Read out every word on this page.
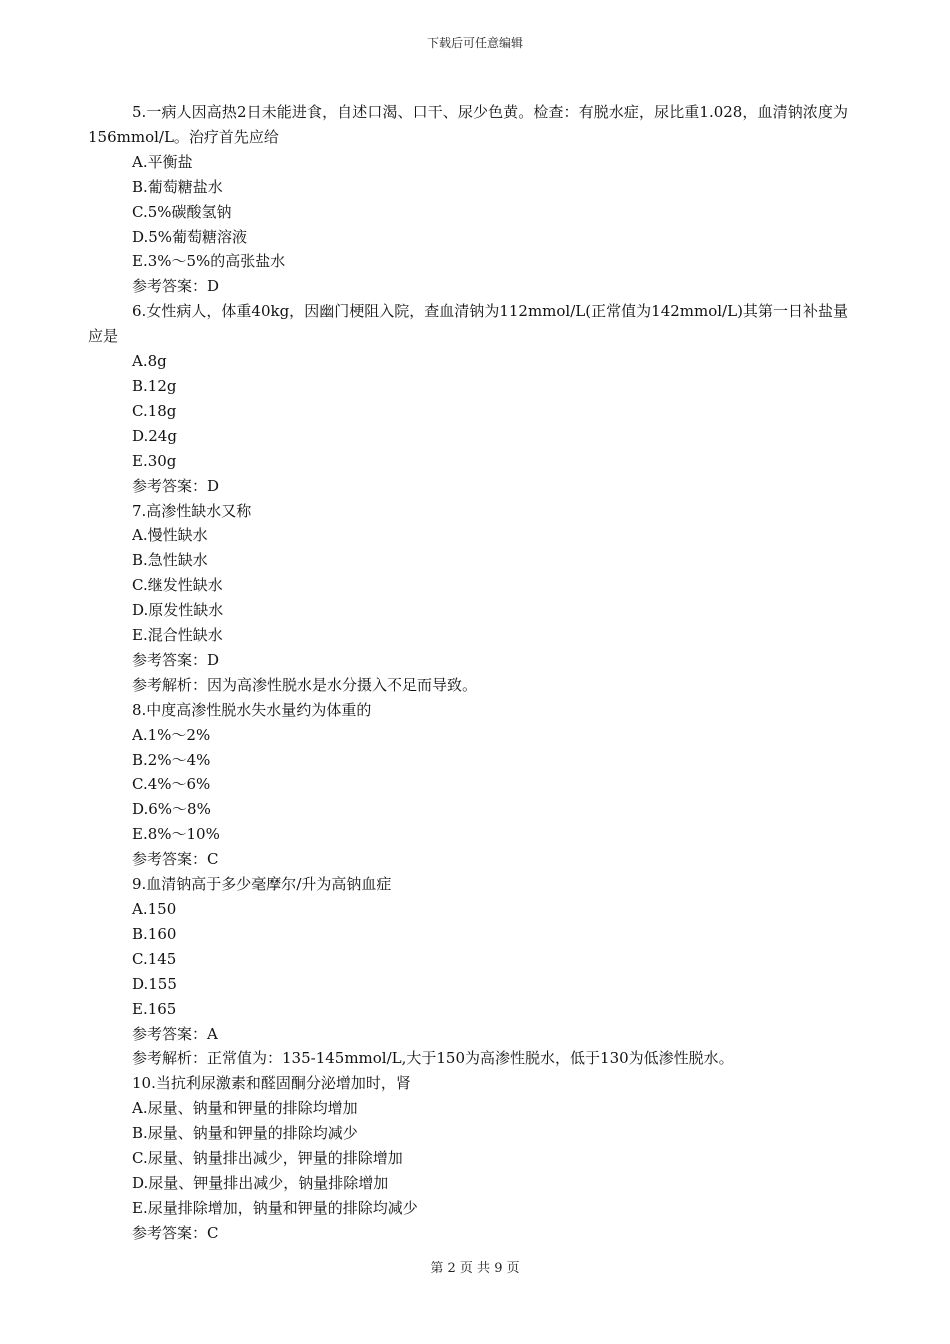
下载后可任意编辑

5.一病人因高热2日未能进食，自述口渴、口干、尿少色黄。检查：有脱水症，尿比重1.028，血清钠浓度为156mmol/L。治疗首先应给

A.平衡盐

B.葡萄糖盐水

C.5%碳酸氢钠

D.5%葡萄糖溶液

E.3%～5%的高张盐水

参考答案：D

6.女性病人，体重40kg，因幽门梗阻入院，查血清钠为112mmol/L(正常值为142mmol/L)其第一日补盐量应是

A.8g

B.12g

C.18g

D.24g

E.30g

参考答案：D

7.高渗性缺水又称

A.慢性缺水

B.急性缺水

C.继发性缺水

D.原发性缺水

E.混合性缺水

参考答案：D

参考解析：因为高渗性脱水是水分摄入不足而导致。

8.中度高渗性脱水失水量约为体重的

A.1%～2%

B.2%～4%

C.4%～6%

D.6%～8%

E.8%～10%

参考答案：C

9.血清钠高于多少毫摩尔/升为高钠血症

A.150

B.160

C.145

D.155

E.165

参考答案：A

参考解析：正常值为：135-145mmol/L,大于150为高渗性脱水，低于130为低渗性脱水。

10.当抗利尿激素和醛固酮分泌增加时，肾

A.尿量、钠量和钾量的排除均增加

B.尿量、钠量和钾量的排除均减少

C.尿量、钠量排出减少，钾量的排除增加

D.尿量、钾量排出减少，钠量排除增加

E.尿量排除增加，钠量和钾量的排除均减少

参考答案：C

第 2 页 共 9 页
